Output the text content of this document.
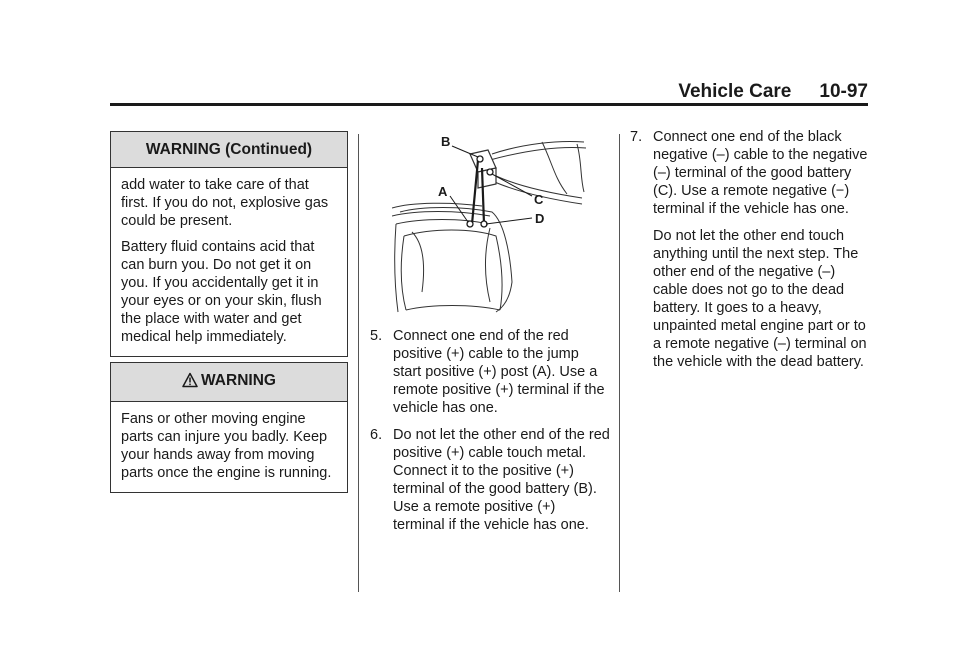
Vehicle Care 10-97
WARNING (Continued)

add water to take care of that first. If you do not, explosive gas could be present.

Battery fluid contains acid that can burn you. Do not get it on you. If you accidentally get it in your eyes or on your skin, flush the place with water and get medical help immediately.

WARNING

Fans or other moving engine parts can injure you badly. Keep your hands away from moving parts once the engine is running.

B
C
A
D
5. Connect one end of the red positive (+) cable to the jump start positive (+) post (A). Use a remote positive (+) terminal if the vehicle has one.
6. Do not let the other end of the red positive (+) cable touch metal. Connect it to the positive (+) terminal of the good battery (B). Use a remote positive (+) terminal if the vehicle has one.
7. Connect one end of the black negative (–) cable to the negative (–) terminal of the good battery (C). Use a remote negative (−) terminal if the vehicle has one.

Do not let the other end touch anything until the next step. The other end of the negative (–) cable does not go to the dead battery. It goes to a heavy, unpainted metal engine part or to a remote negative (–) terminal on the vehicle with the dead battery.
